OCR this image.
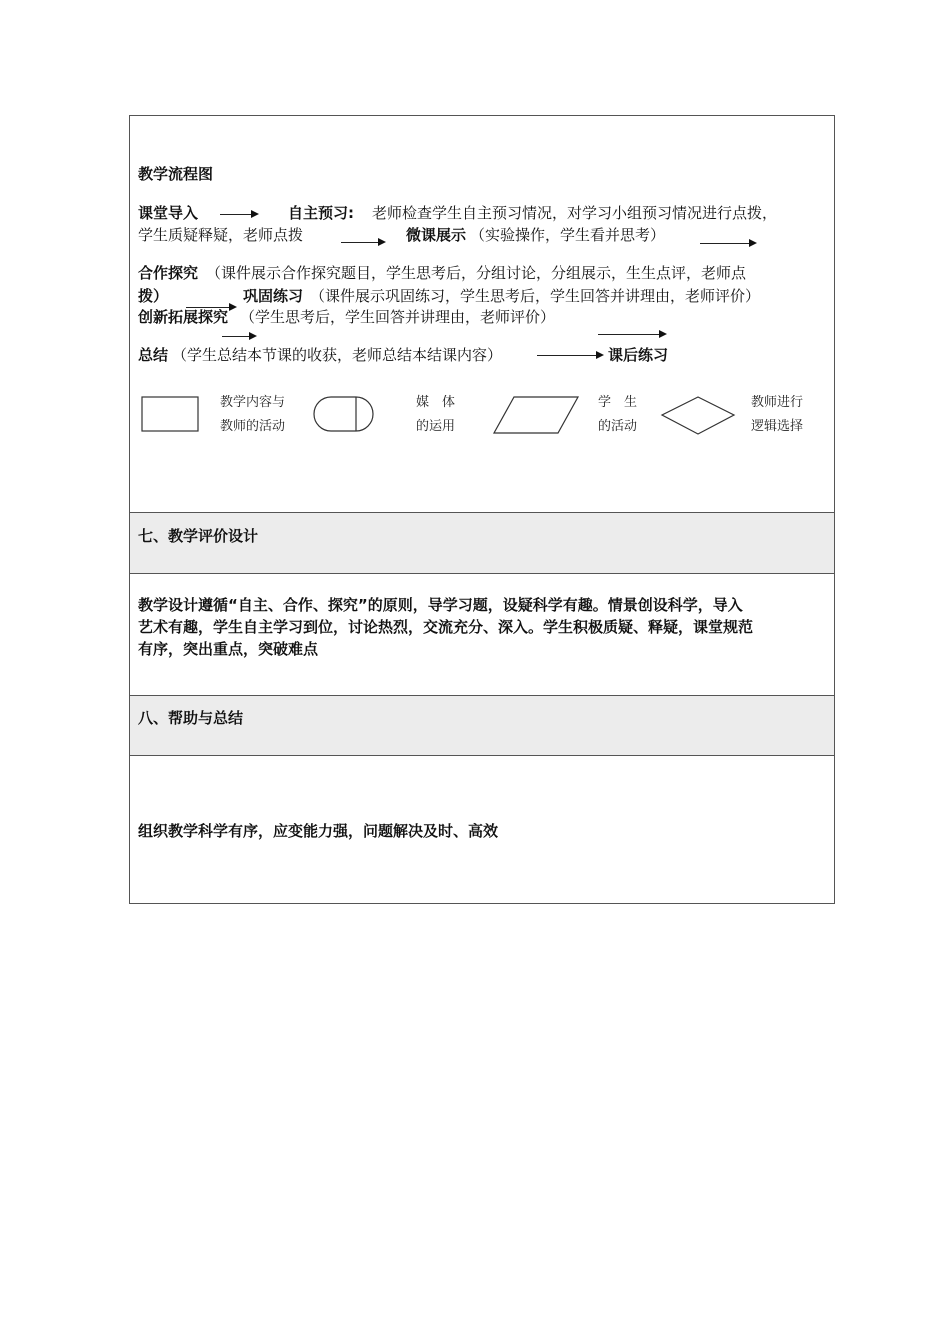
教学流程图
课堂导入	自主预习: 老师检查学生自主预习情况，对学习小组预习情况进行点拨，
学生质疑释疑，老师点拨	微课展示 （实验操作，学生看并思考）
合作探究 （课件展示合作探究题目，学生思考后，分组讨论，分组展示，生生点评，老师点
拨）	巩固练习 （课件展示巩固练习，学生思考后，学生回答并讲理由，老师评价）
创新拓展探究 （学生思考后，学生回答并讲理由，老师评价）
总结 （学生总结本节课的收获，老师总结本结课内容）	课后练习
教学内容与
教师的活动
媒　体
的运用
学　生
的活动
教师进行
逻辑选择
七、教学评价设计
教学设计遵循“自主、合作、探究”的原则，导学习题，设疑科学有趣。情景创设科学，导入
艺术有趣，学生自主学习到位，讨论热烈，交流充分、深入。学生积极质疑、释疑，课堂规范
有序，突出重点，突破难点
八、帮助与总结
组织教学科学有序，应变能力强，问题解决及时、高效
